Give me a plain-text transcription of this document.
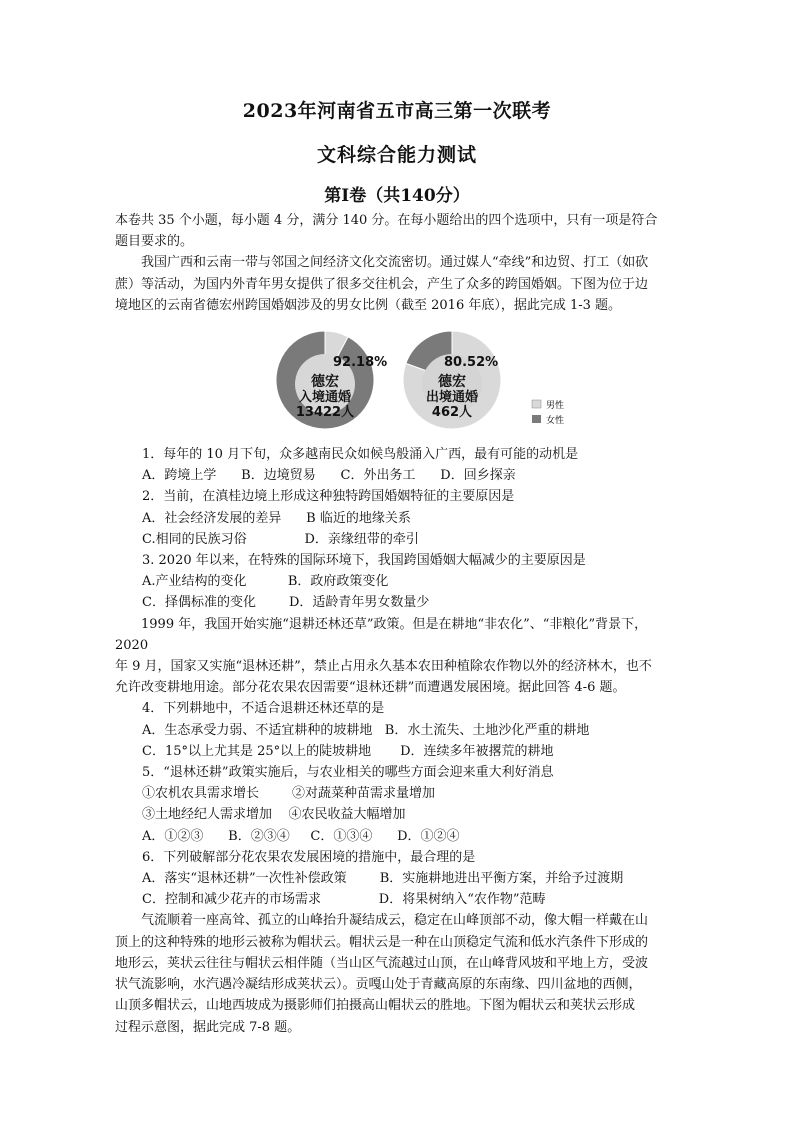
2023年河南省五市高三第一次联考
文科综合能力测试
第Ⅰ卷（共140分）

本卷共 35 个小题，每小题 4 分，满分 140 分。在每小题给出的四个选项中，只有一项是符合

题目要求的。

我国广西和云南一带与邻国之间经济文化交流密切。通过媒人“牵线”和边贸、打工（如砍

蔗）等活动，为国内外青年男女提供了很多交往机会，产生了众多的跨国婚姻。下图为位于边

境地区的云南省德宏州跨国婚姻涉及的男女比例（截至 2016 年底），据此完成 1-3 题。

92.18%
德宏
入境通婚
13422人
80.52%
德宏
出境通婚
462人	男性
女性

1．每年的 10 月下旬，众多越南民众如候鸟般涌入广西，最有可能的动机是

A．跨境上学      B．边境贸易      C．外出务工      D．回乡探亲

2．当前，在滇桂边境上形成这种独特跨国婚姻特征的主要原因是

A．社会经济发展的差异      B 临近的地缘关系

C.相同的民族习俗              D．亲缘纽带的牵引

3. 2020 年以来，在特殊的国际环境下，我国跨国婚姻大幅减少的主要原因是

A.产业结构的变化          B．政府政策变化

C．择偶标准的变化        D．适龄青年男女数量少

1999 年，我国开始实施“退耕还林还草”政策。但是在耕地“非农化”、“非粮化”背景下，2020

年 9 月，国家又实施“退林还耕”，禁止占用永久基本农田种植除农作物以外的经济林木，也不

允许改变耕地用途。部分花农果农因需要“退林还耕”而遭遇发展困境。据此回答 4-6 题。

4．下列耕地中，不适合退耕还林还草的是

A．生态承受力弱、不适宜耕种的坡耕地   B．水土流失、土地沙化严重的耕地

C．15°以上尤其是 25°以上的陡坡耕地       D．连续多年被撂荒的耕地

5．“退林还耕”政策实施后，与农业相关的哪些方面会迎来重大利好消息

①农机农具需求增长        ②对蔬菜种苗需求量增加

③土地经纪人需求增加    ④农民收益大幅增加

A．①②③      B．②③④     C．①③④      D．①②④

6．下列破解部分花农果农发展困境的措施中，最合理的是

A．落实“退林还耕”一次性补偿政策        B．实施耕地进出平衡方案，并给予过渡期

C．控制和减少花卉的市场需求              D．将果树纳入“农作物”范畴

气流顺着一座高耸、孤立的山峰抬升凝结成云，稳定在山峰顶部不动，像大帽一样戴在山

顶上的这种特殊的地形云被称为帽状云。帽状云是一种在山顶稳定气流和低水汽条件下形成的

地形云，荚状云往往与帽状云相伴随（当山区气流越过山顶，在山峰背风坡和平地上方，受波

状气流影响，水汽遇冷凝结形成荚状云）。贡嘎山处于青藏高原的东南缘、四川盆地的西侧，

山顶多帽状云，山地西坡成为摄影师们拍摄高山帽状云的胜地。下图为帽状云和荚状云形成

过程示意图，据此完成 7-8 题。
